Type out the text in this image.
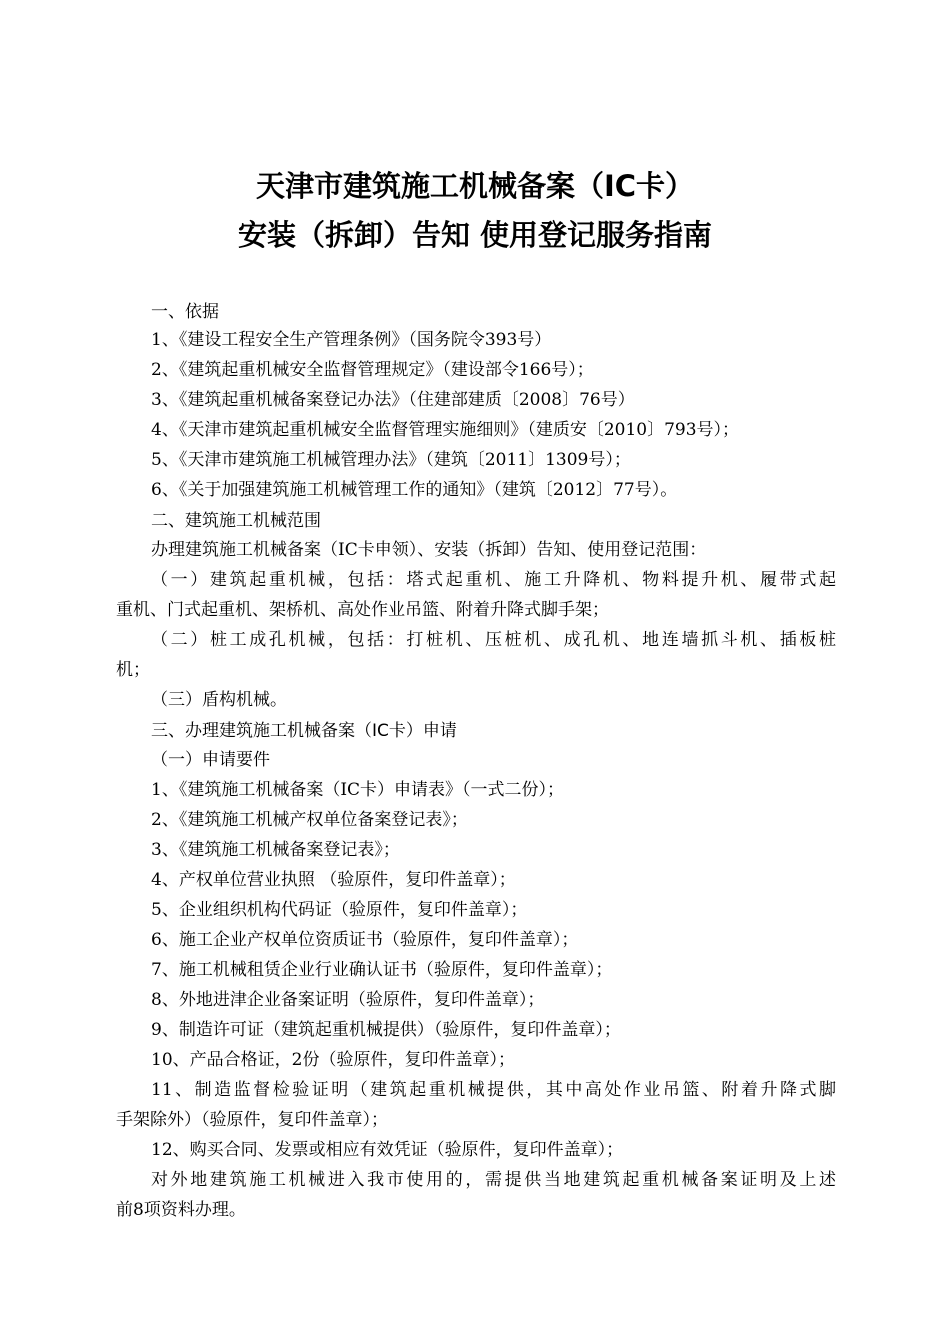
天津市建筑施工机械备案（IC卡）
安装（拆卸）告知 使用登记服务指南
一、依据
1、《建设工程安全生产管理条例》（国务院令393号）
2、《建筑起重机械安全监督管理规定》（建设部令166号）；
3、《建筑起重机械备案登记办法》（住建部建质〔2008〕76号）
4、《天津市建筑起重机械安全监督管理实施细则》（建质安〔2010〕793号）；
5、《天津市建筑施工机械管理办法》（建筑〔2011〕1309号）；
6、《关于加强建筑施工机械管理工作的通知》（建筑〔2012〕77号）。
二、建筑施工机械范围
办理建筑施工机械备案（IC卡申领）、安装（拆卸）告知、使用登记范围：
（一）建筑起重机械，包括：塔式起重机、施工升降机、物料提升机、履带式起
重机、门式起重机、架桥机、高处作业吊篮、附着升降式脚手架；
（二）桩工成孔机械，包括：打桩机、压桩机、成孔机、地连墙抓斗机、插板桩
机；
（三）盾构机械。
三、办理建筑施工机械备案（IC卡）申请
（一）申请要件
1、《建筑施工机械备案（IC卡）申请表》（一式二份）；
2、《建筑施工机械产权单位备案登记表》；
3、《建筑施工机械备案登记表》；
4、产权单位营业执照 （验原件，复印件盖章）；
5、企业组织机构代码证（验原件，复印件盖章）；
6、施工企业产权单位资质证书（验原件，复印件盖章）；
7、施工机械租赁企业行业确认证书（验原件，复印件盖章）；
8、外地进津企业备案证明（验原件，复印件盖章）；
9、制造许可证（建筑起重机械提供）（验原件，复印件盖章）；
10、产品合格证，2份（验原件，复印件盖章）；
11、制造监督检验证明（建筑起重机械提供，其中高处作业吊篮、附着升降式脚
手架除外）（验原件，复印件盖章）；
12、购买合同、发票或相应有效凭证（验原件，复印件盖章）；
对外地建筑施工机械进入我市使用的，需提供当地建筑起重机械备案证明及上述
前8项资料办理。
